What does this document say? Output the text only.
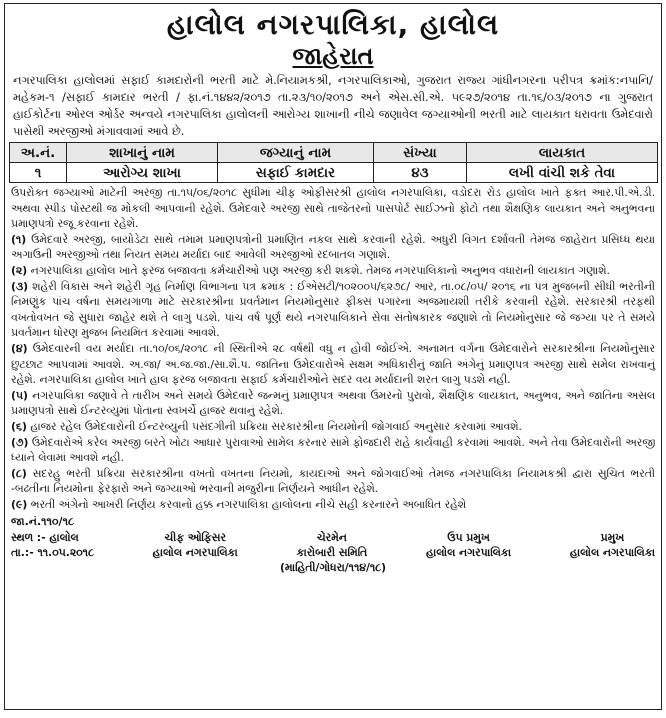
હાલોલ નગરપાલિકા, હાલોલ
જાહેરાત
નગરપાલિકા હાલોલમાં સફાઈ કામદારોની ભરતી માટે મે.નિયામકશ્રી, નગરપાલિકાઓ, ગુજરાત રાજ્ય ગાંધીનગરના પરીપત્ર ક્રમાંક:નપાનિ/મહેકમ-૧ /સફાઈ કામદાર ભરતી / ફા.નં.૧૪૪૨/૨૦૧૭ તા.૨૩/૧૦/૨૦૧૭ અને એસ.સી.એ. ૫૯૨૭/૨૦૧૪ તા.૧૬/૦૩/૨૦૧૭ ના ગુજરાત હાઈકોર્ટના ઓરલ ઓર્ડર અન્વયે નગરપાલિકા હાલોલની આરોગ્ય શાખાની નીચે જણાવેલ જગ્યાઓની ભરતી માટે લાયકાત ધરાવતા ઉમેદવારો પાસેથી અરજીઓ મંગાવવામાં આવે છે.
અ.નં.	શાખાનું નામ	જગ્યાનું નામ	સંખ્યા	લાયકાત
૧	આરોગ્ય શાખા	સફાઈ કામદાર	૪૩	લખી વાંચી શકે તેવા

ઉપરોક્ત જગ્યાઓ માટેની અરજી તા.૧૫/૦૬/૨૦૧૮ સુધીમાં ચીફ ઓફીસરશ્રી હાલોલ નગરપાલિકા, વડોદરા રોડ હાલોલ ખાતે ફક્ત આર.પી.એ.ડી. અથવા સ્પીડ પોસ્ટથી જ મોકલી આપવાની રહેશે. ઉમેદવારે અરજી સાથે તાજેતરનો પાસપોર્ટ સાઈઝનો ફોટો તથા શૈક્ષણિક લાયકાત અને અનુભવના પ્રમાણપત્રો રજૂ કરવાના રહેશે.

(૧) ઉમેદવારે અરજી, બાયોડેટા સાથે તમામ પ્રમાણપત્રોની પ્રમાણિત નકલ સાથે કરવાની રહેશે. અધુરી વિગત દર્શાવતી તેમજ જાહેરાત પ્રસિધ્ધ થયા અગાઉની અરજીઓ તથા નિયત સમય મર્યાદા બાદ આવેલી અરજીઓ રદબાતલ ગણાશે.

(૨) નગરપાલિકા હાલોલ ખાતે ફરજ બજાવતા કર્મચારીઓ પણ અરજી કરી શકશે. તેમજ નગરપાલિકાનો અનુભવ વધારાની લાયકાત ગણાશે.

(૩) શહેરી વિકાસ અને શહેરી ગૃહ નિર્માણ વિભાગના પત્ર ક્રમાંક : ઈએસટી/૧૦૨૦૦૫/૬૨૭૮/ આર, તા.૦૮/૦૫/ ૨૦૧૬ ના પત્ર મુજબની સીધી ભરતીની નિમણુંક પાંચ વર્ષના સમયગાળા માટે સરકારશ્રીના પ્રવર્તમાન નિયમોનુસાર ફીક્સ પગારના અજમાયશી તરીકે કરવાની રહેશે. સરકારશ્રી તરફથી વખતોવખત જે સુધારા જાહેર થશે તે લાગુ પડશે. પાંચ વર્ષ પૂર્ણ થયે નગરપાલિકાને સેવા સંતોષકારક જણાશે તો નિયમોનુસાર જે જગ્યા પર તે સમયે પ્રવર્તમાન ધોરણ મુજબ નિયમિત કરવામાં આવશે.

(૪) ઉમેદવારની વય મર્યાદા તા.૧૦/૦૬/૨૦૧૮ ની સ્થિતીએ ૨૮ વર્ષથી વધુ ન હોવી જોઈએ. અનામત વર્ગના ઉમેદવારોને સરકારશ્રીના નિયમોનુસાર છુટછાટ આપવામાં આવશે. અ.જા/ અ.જ.જા./સા.શૈ.પ. જાતિના ઉમેદવારોએ સક્ષમ અધિકારીનું જાતિ અંગેનું પ્રમાણપત્ર અરજી સાથે સમેલ રાખવાનું રહેશે. નગરપાલિકા હાલોલ ખાતે હાલ ફરજ બજાવતા સફાઈ કર્મચારીઓને સદર વય મર્યાદાની શરત લાગુ પડશે નહી.

(૫) નગરપાલિકા જણાવે તે તારીખ અને સમયે ઉમેદવારે જન્મનું પ્રમાણપત્ર અથવા ઉમરનો પુરાવો, શૈક્ષણિક લાયકાત, અનુભવ, અને જાતિના અસલ પ્રમાણપત્રો સાથે ઈન્ટરવ્યુમાં પોતાના સ્વખર્ચે હાજર થવાનું રહેશે.

(૬) હાજર રહેલ ઉમેદવારોની ઈન્ટરવ્યુની પસંદગીની પ્રક્રિયા સરકારશ્રીના નિયમોની જોગવાઈ અનુસાર કરવામાં આવશે.

(૭) ઉમેદવારોએ કરેલ અરજી બરતે ખોટા આધાર પુરાવાઓ સામેલ કરનાર સામે ફોજદારી રાહે કાર્યવાહી કરવામાં આવશે. અને તેવા ઉમેદવારોની અરજી ધ્યાને લેવામાં આવશે નહી.

(૮) સદરહુ ભરતી પ્રક્રિયા સરકારશ્રીના વખતો વખતના નિયમો, કાયદાઓ અને જોગવાઈઓ તેમજ નગરપાલિકા નિયામકશ્રી દ્વારા સુચિત ભરતી -બઢતીના નિયમોના ફેરફારો અને જગ્યાઓ ભરવાની મંજુરીના નિર્ણયને આધીન રહેશે.

(૯) ભરતી અંગેનો આખરી નિર્ણય કરવાનો હક્ક નગરપાલિકા હાલોલના નીચે સહી કરનારને અબાધિત રહેશે

જા.નં.૧૧૦/૧૮
સ્થળ :- હાલોલ
તા.:- ૧૧.૦૫.૨૦૧૮
ચીફ ઓફિસર
હાલોલ નગરપાલિકા
ચેરમેન
કારોબારી સમિતિ
ઉપ પ્રમુખ
હાલોલ નગરપાલિકા
પ્રમુખ
હાલોલ નગરપાલિકા
(માહિતી/ગોધરા/૧૧૪/૧૮)
